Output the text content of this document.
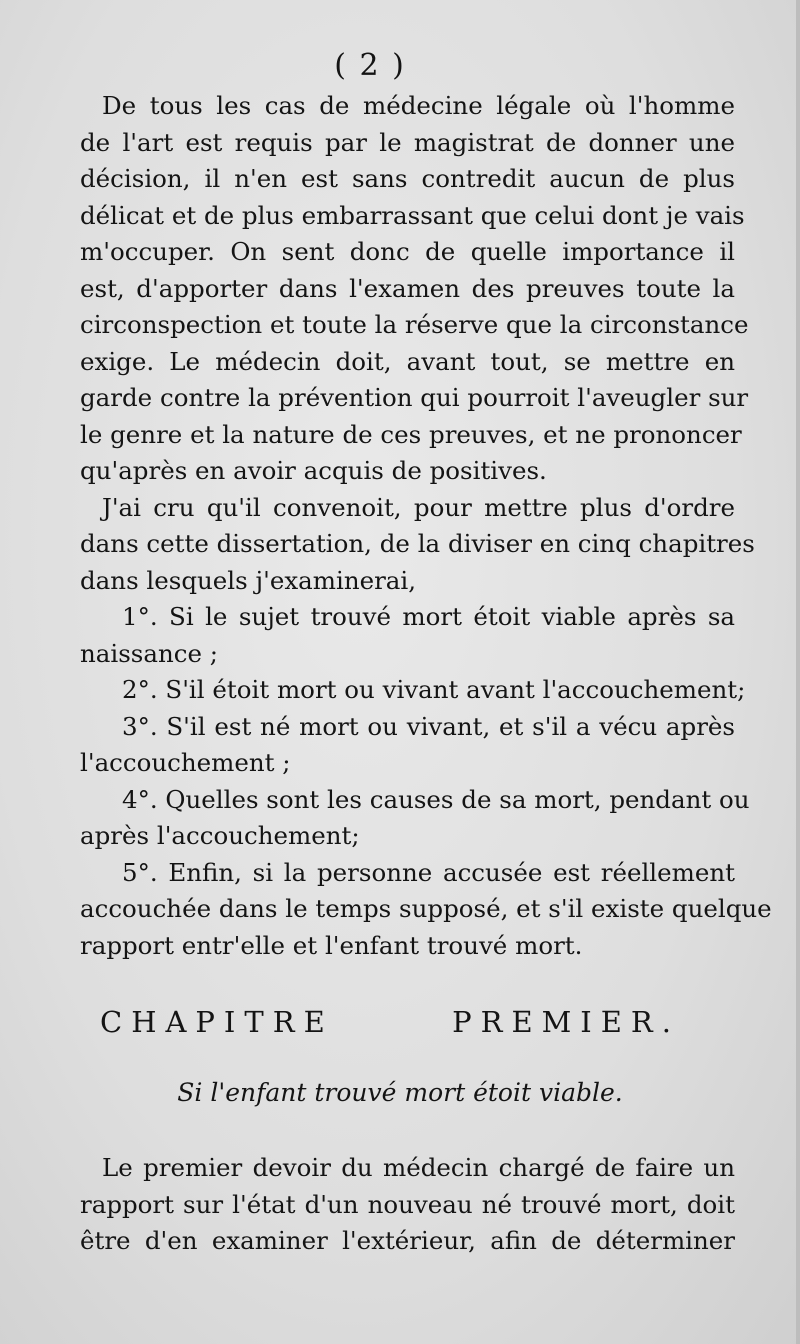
( 2 )
De tous les cas de médecine légale où l'homme
de l'art est requis par le magistrat de donner une
décision, il n'en est sans contredit aucun de plus
délicat et de plus embarrassant que celui dont je vais
m'occuper. On sent donc de quelle importance il
est, d'apporter dans l'examen des preuves toute la
circonspection et toute la réserve que la circonstance
exige. Le médecin doit, avant tout, se mettre en
garde contre la prévention qui pourroit l'aveugler sur
le genre et la nature de ces preuves, et ne prononcer
qu'après en avoir acquis de positives.
J'ai cru qu'il convenoit, pour mettre plus d'ordre
dans cette dissertation, de la diviser en cinq chapitres
dans lesquels j'examinerai,
1°. Si le sujet trouvé mort étoit viable après sa
naissance ;
2°. S'il étoit mort ou vivant avant l'accouchement;
3°. S'il est né mort ou vivant, et s'il a vécu après
l'accouchement ;
4°. Quelles sont les causes de sa mort, pendant ou
après l'accouchement;
5°. Enfin, si la personne accusée est réellement
accouchée dans le temps supposé, et s'il existe quelque
rapport entr'elle et l'enfant trouvé mort.
CHAPITRE PREMIER.
Si l'enfant trouvé mort étoit viable.
Le premier devoir du médecin chargé de faire un
rapport sur l'état d'un nouveau né trouvé mort, doit
être d'en examiner l'extérieur, afin de déterminer
